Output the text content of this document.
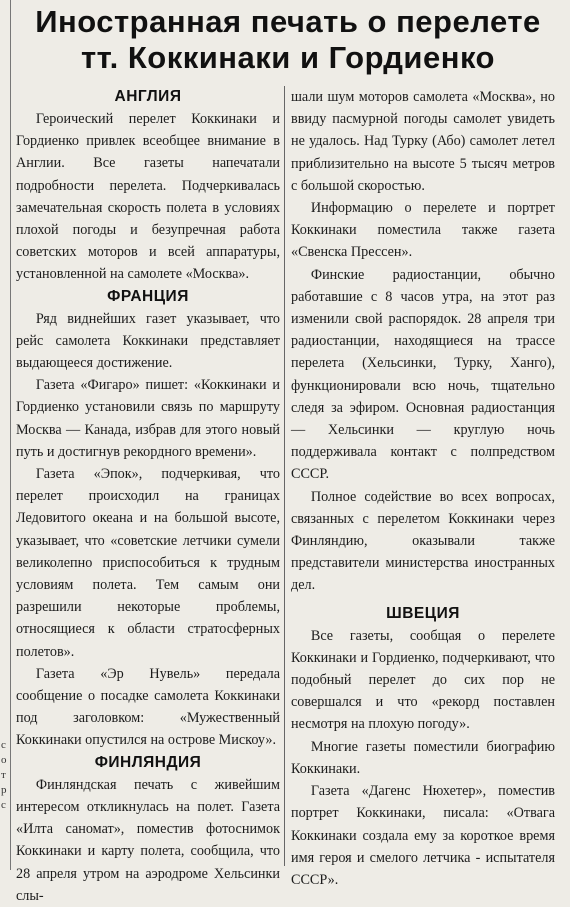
с о т р с
Иностранная печать о перелете
тт. Коккинаки и Гордиенко
АНГЛИЯ

Героический перелет Коккинаки и Гордиенко привлек всеобщее внимание в Англии. Все газеты напечатали подробности перелета. Подчеркивалась замечательная скорость полета в условиях плохой погоды и безупречная работа советских моторов и всей аппаратуры, установленной на самолете «Москва».

ФРАНЦИЯ

Ряд виднейших газет указывает, что рейс самолета Коккинаки представляет выдающееся достижение.

Газета «Фигаро» пишет: «Коккинаки и Гордиенко установили связь по маршруту Москва — Канада, избрав для этого новый путь и достигнув рекордного времени».

Газета «Эпок», подчеркивая, что перелет происходил на границах Ледовитого океана и на большой высоте, указывает, что «советские летчики сумели великолепно приспособиться к трудным условиям полета. Тем самым они разрешили некоторые проблемы, относящиеся к области стратосферных полетов».

Газета «Эр Нувель» передала сообщение о посадке самолета Коккинаки под заголовком: «Мужественный Коккинаки опустился на острове Мискоу».

ФИНЛЯНДИЯ

Финляндская печать с живейшим интересом откликнулась на полет. Газета «Илта саномат», поместив фотоснимок Коккинаки и карту полета, сообщила, что 28 апреля утром на аэродроме Хельсинки слы-

шали шум моторов самолета «Москва», но ввиду пасмурной погоды самолет увидеть не удалось. Над Турку (Або) самолет летел приблизительно на высоте 5 тысяч метров с большой скоростью.

Информацию о перелете и портрет Коккинаки поместила также газета «Свенска Прессен».

Финские радиостанции, обычно работавшие с 8 часов утра, на этот раз изменили свой распорядок. 28 апреля три радиостанции, находящиеся на трассе перелета (Хельсинки, Турку, Ханго), функционировали всю ночь, тщательно следя за эфиром. Основная радиостанция — Хельсинки — круглую ночь поддерживала контакт с полпредством СССР.

Полное содействие во всех вопросах, связанных с перелетом Коккинаки через Финляндию, оказывали также представители министерства иностранных дел.

ШВЕЦИЯ

Все газеты, сообщая о перелете Коккинаки и Гордиенко, подчеркивают, что подобный перелет до сих пор не совершался и что «рекорд поставлен несмотря на плохую погоду».

Многие газеты поместили биографию Коккинаки.

Газета «Дагенс Нюхетер», поместив портрет Коккинаки, писала: «Отвага Коккинаки создала ему за короткое время имя героя и смелого летчика - испытателя СССР».
